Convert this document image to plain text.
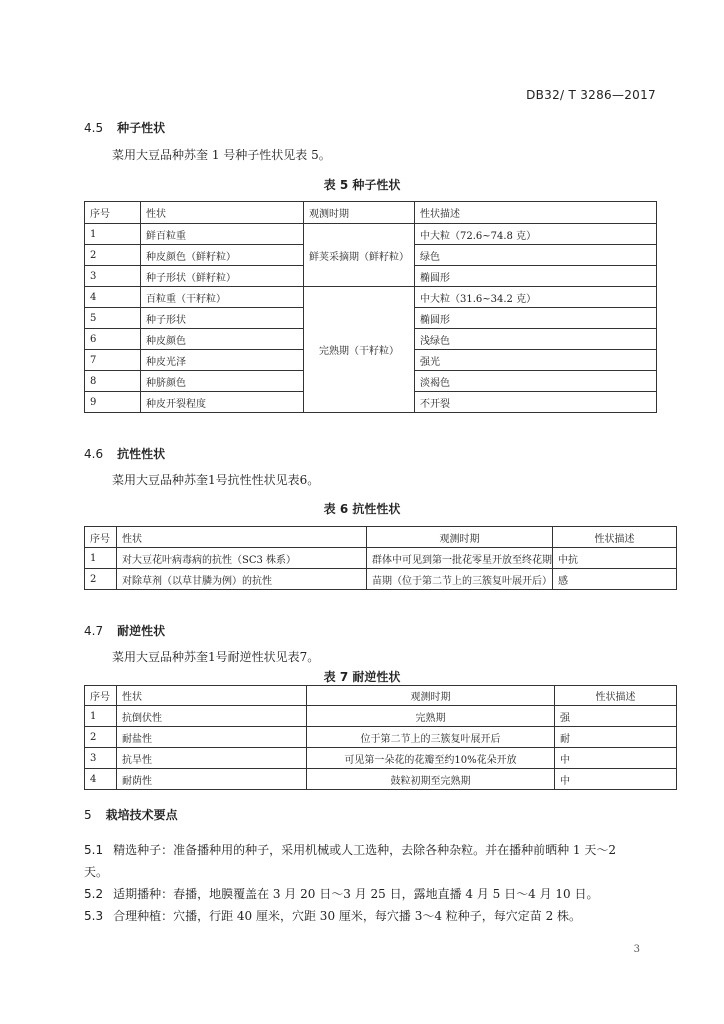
DB32/ T 3286—2017
4.5 种子性状
菜用大豆品种苏奎 1 号种子性状见表 5。
表 5 种子性状
序号	性状	观测时期	性状描述
1	鲜百粒重	鲜荚采摘期（鲜籽粒）	中大粒（72.6~74.8 克）
2	种皮颜色（鲜籽粒）		绿色
3	种子形状（鲜籽粒）		椭圆形
4	百粒重（干籽粒）	完熟期（干籽粒）	中大粒（31.6~34.2 克）
5	种子形状		椭圆形
6	种皮颜色		浅绿色
7	种皮光泽		强光
8	种脐颜色		淡褐色
9	种皮开裂程度		不开裂
4.6 抗性性状
菜用大豆品种苏奎1号抗性性状见表6。
表 6 抗性性状
序号	性状	观测时期	性状描述
1	对大豆花叶病毒病的抗性（SC3 株系）	群体中可见到第一批花零星开放至终花期	中抗
2	对除草剂（以草甘膦为例）的抗性	苗期（位于第二节上的三簇复叶展开后）	感
4.7 耐逆性状
菜用大豆品种苏奎1号耐逆性状见表7。
表 7 耐逆性状
序号	性状	观测时期	性状描述
1	抗倒伏性	完熟期	强
2	耐盐性	位于第二节上的三簇复叶展开后	耐
3	抗旱性	可见第一朵花的花瓣至约10%花朵开放	中
4	耐荫性	鼓粒初期至完熟期	中
5 栽培技术要点
5.1 精选种子：准备播种用的种子，采用机械或人工选种，去除各种杂粒。并在播种前晒种 1 天～2
天。
5.2 适期播种：春播，地膜覆盖在 3 月 20 日～3 月 25 日，露地直播 4 月 5 日～4 月 10 日。
5.3 合理种植：穴播，行距 40 厘米，穴距 30 厘米，每穴播 3～4 粒种子，每穴定苗 2 株。
3
